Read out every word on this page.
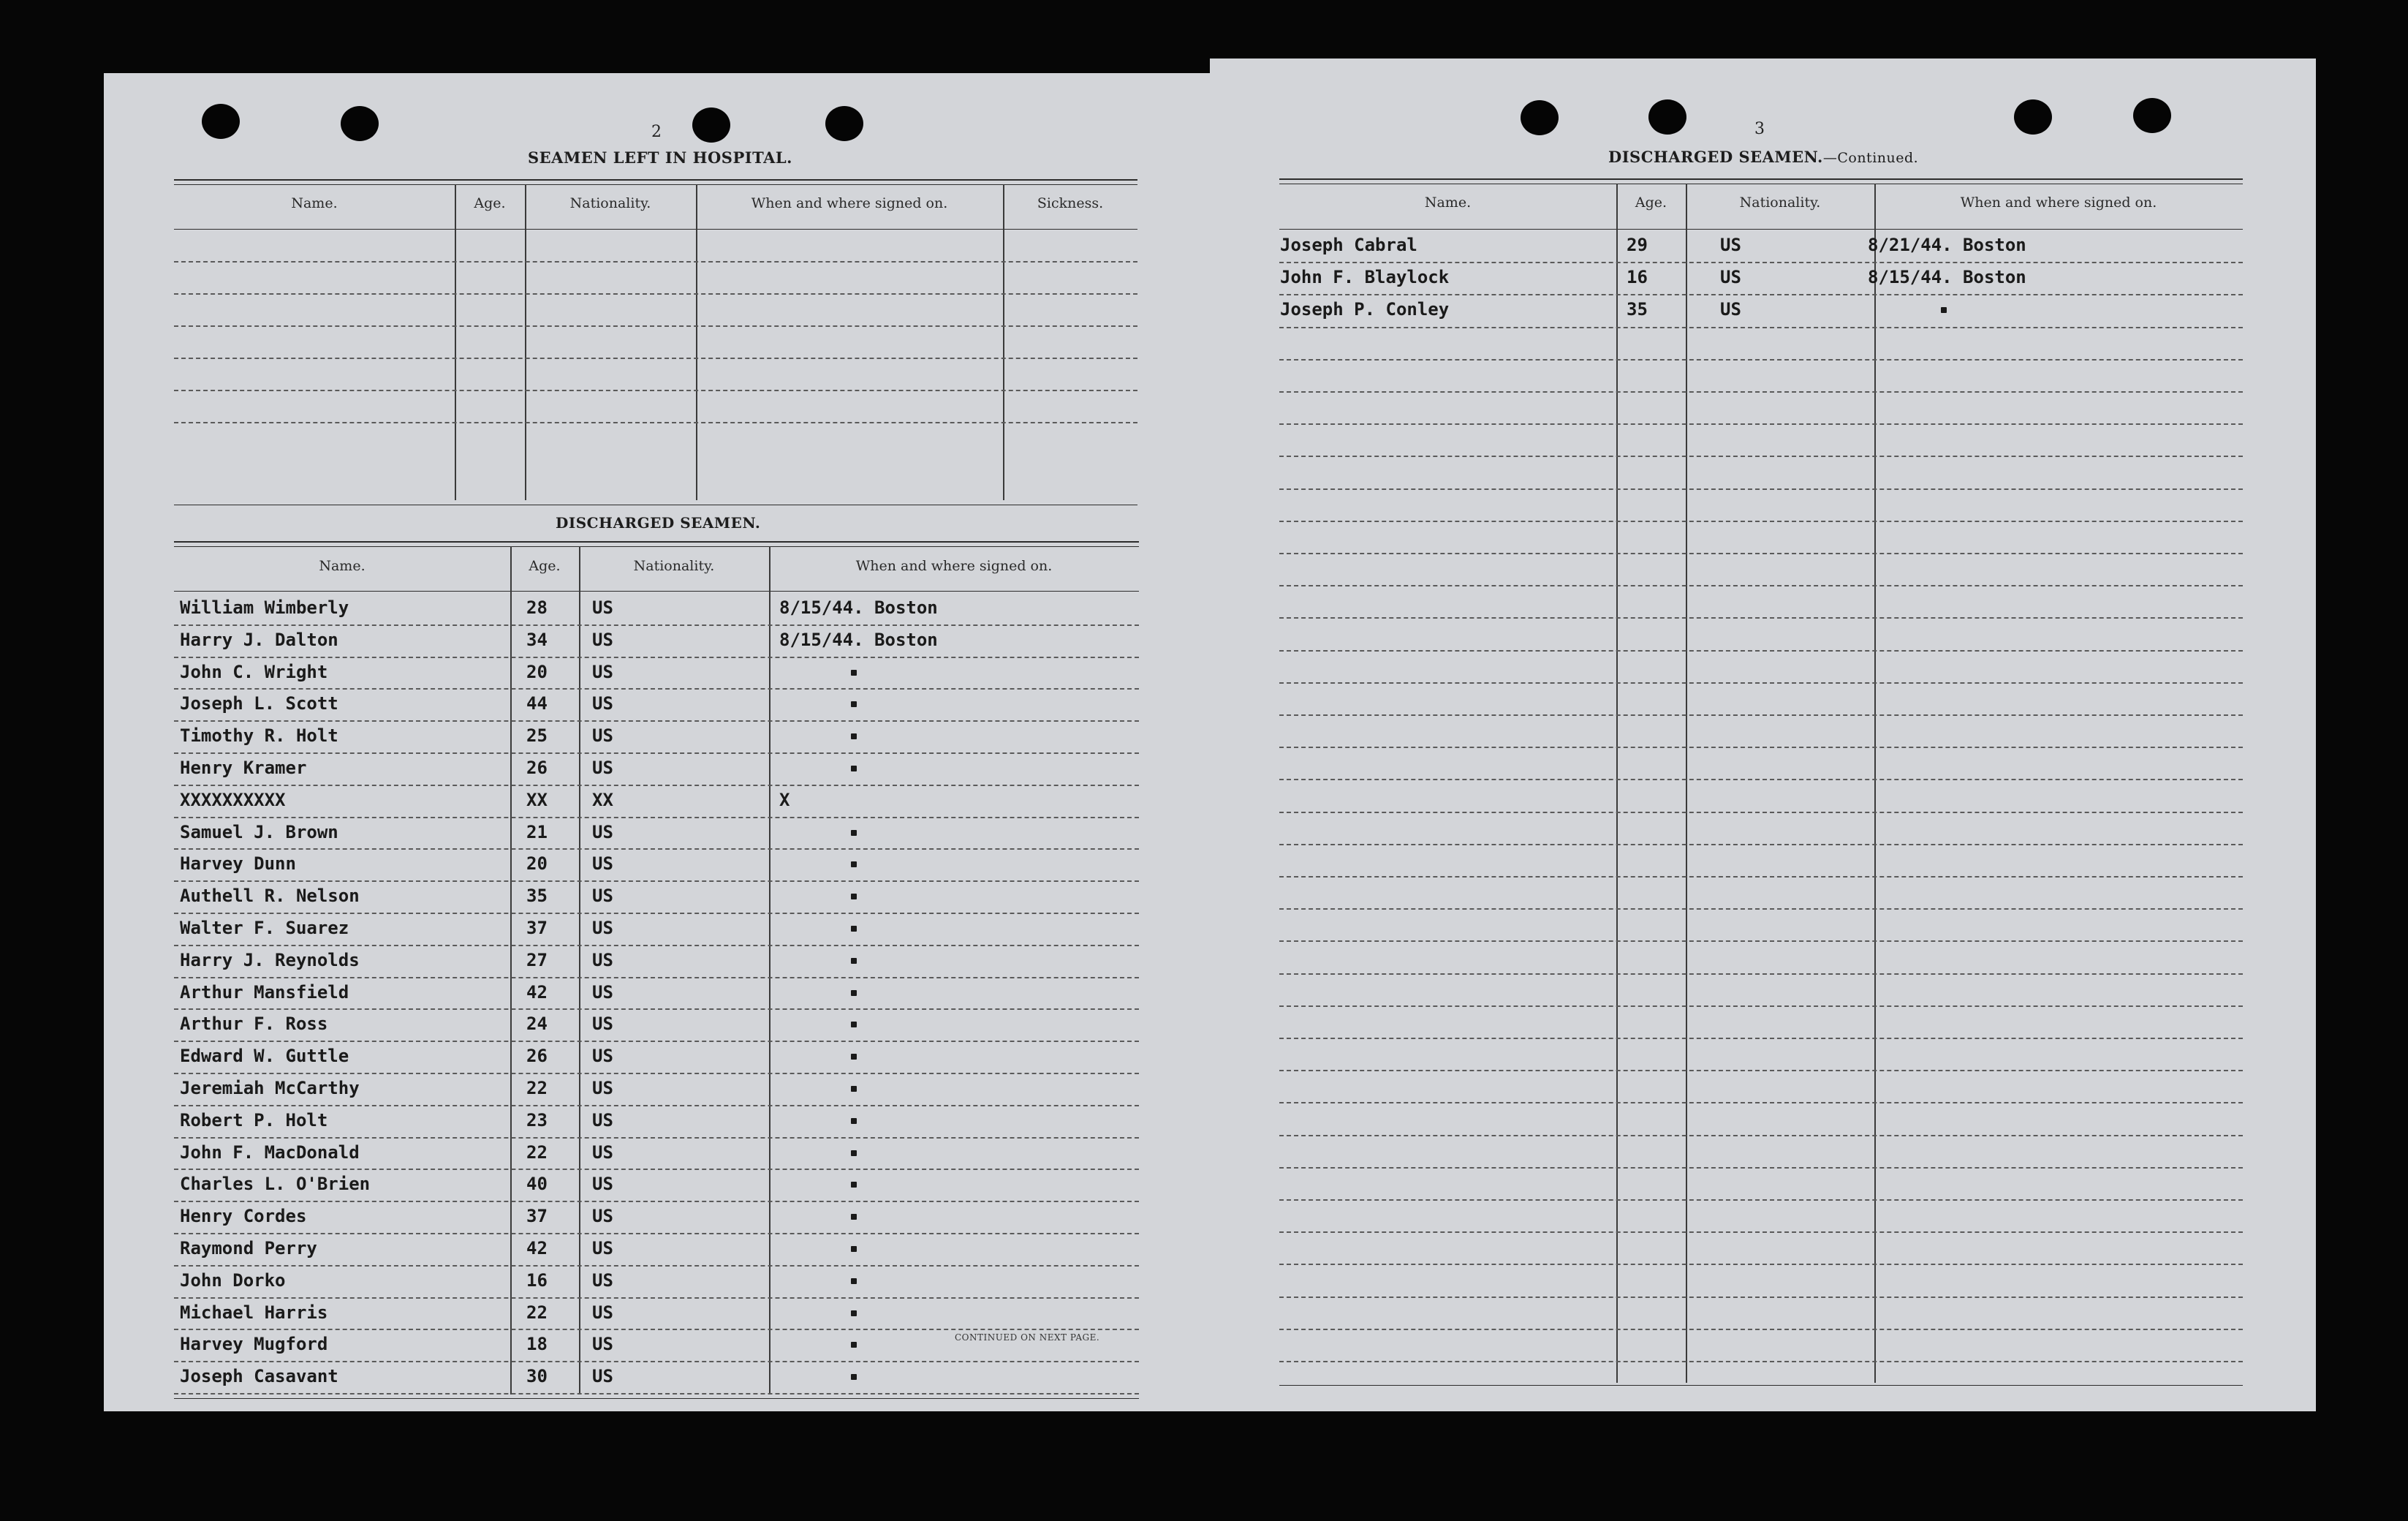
2
SEAMEN LEFT IN HOSPITAL.
Name.	Age.	Nationality.	When and where signed on.	Sickness.
DISCHARGED SEAMEN.
Name.	Age.	Nationality.	When and where signed on.
William Wimberly	28	US	8/15/44. Boston
Harry J. Dalton	34	US	8/15/44. Boston
John C. Wright	20	US
Joseph L. Scott	44	US
Timothy R. Holt	25	US
Henry Kramer	26	US
XXXXXXXXXX	XX	XX	X
Samuel J. Brown	21	US
Harvey Dunn	20	US
Authell R. Nelson	35	US
Walter F. Suarez	37	US
Harry J. Reynolds	27	US
Arthur Mansfield	42	US
Arthur F. Ross	24	US
Edward W. Guttle	26	US
Jeremiah McCarthy	22	US
Robert P. Holt	23	US
John F. MacDonald	22	US
Charles L. O'Brien	40	US
Henry Cordes	37	US
Raymond Perry	42	US
John Dorko	16	US
Michael Harris	22	US
Harvey Mugford	18	US
Joseph Casavant	30	US
CONTINUED ON NEXT PAGE.
3
DISCHARGED SEAMEN.—Continued.
Name.	Age.	Nationality.	When and where signed on.
Joseph Cabral	29	US	8/21/44. Boston
John F. Blaylock	16	US	8/15/44. Boston
Joseph P. Conley	35	US
